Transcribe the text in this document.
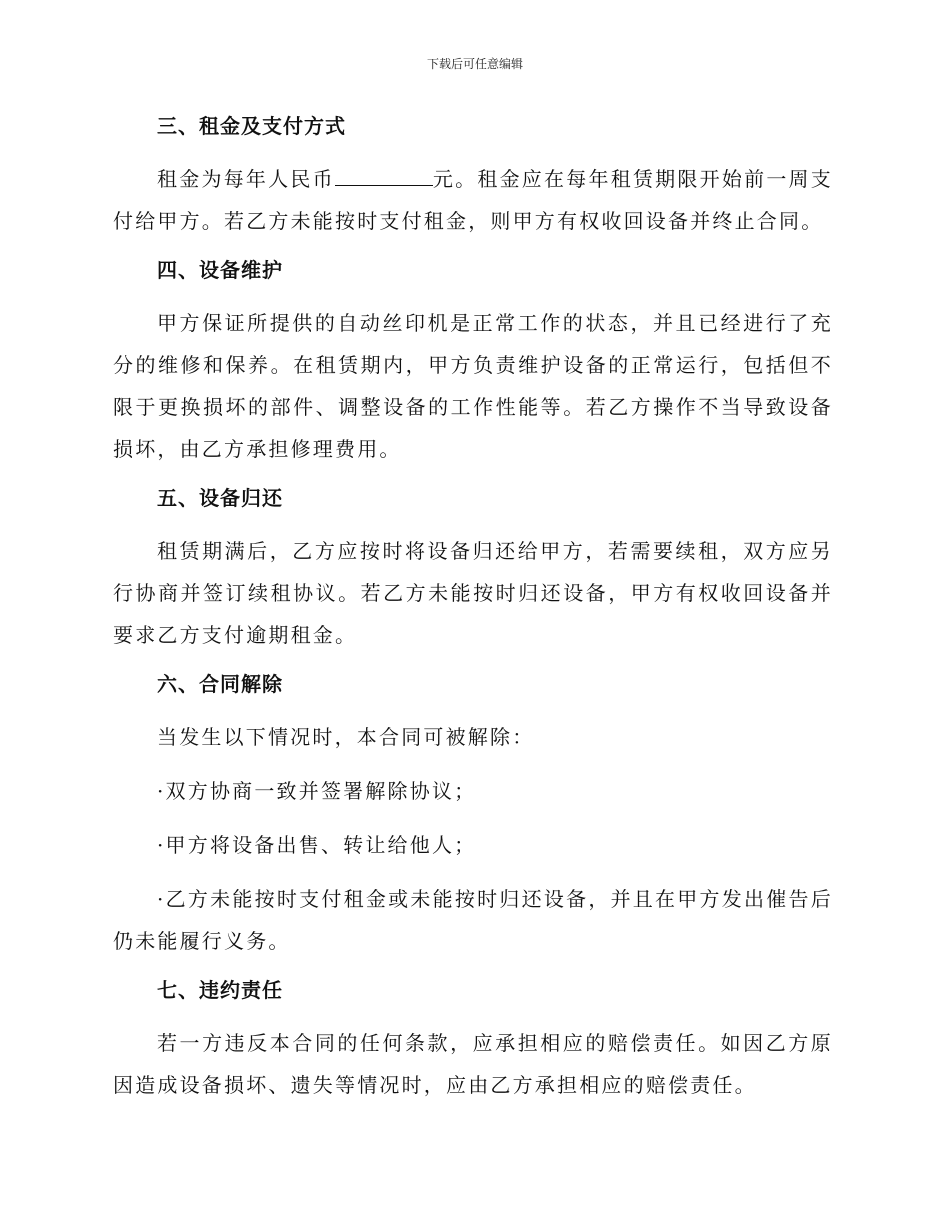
下载后可任意编辑
三、租金及支付方式

租金为每年人民币	元。租金应在每年租赁期限开始前一周支付给甲方。若乙方未能按时支付租金，则甲方有权收回设备并终止合同。

四、设备维护

甲方保证所提供的自动丝印机是正常工作的状态，并且已经进行了充分的维修和保养。在租赁期内，甲方负责维护设备的正常运行，包括但不限于更换损坏的部件、调整设备的工作性能等。若乙方操作不当导致设备损坏，由乙方承担修理费用。

五、设备归还

租赁期满后，乙方应按时将设备归还给甲方，若需要续租，双方应另行协商并签订续租协议。若乙方未能按时归还设备，甲方有权收回设备并要求乙方支付逾期租金。

六、合同解除

当发生以下情况时，本合同可被解除：

·双方协商一致并签署解除协议；

·甲方将设备出售、转让给他人；

·乙方未能按时支付租金或未能按时归还设备，并且在甲方发出催告后仍未能履行义务。

七、违约责任

若一方违反本合同的任何条款，应承担相应的赔偿责任。如因乙方原因造成设备损坏、遗失等情况时，应由乙方承担相应的赔偿责任。
